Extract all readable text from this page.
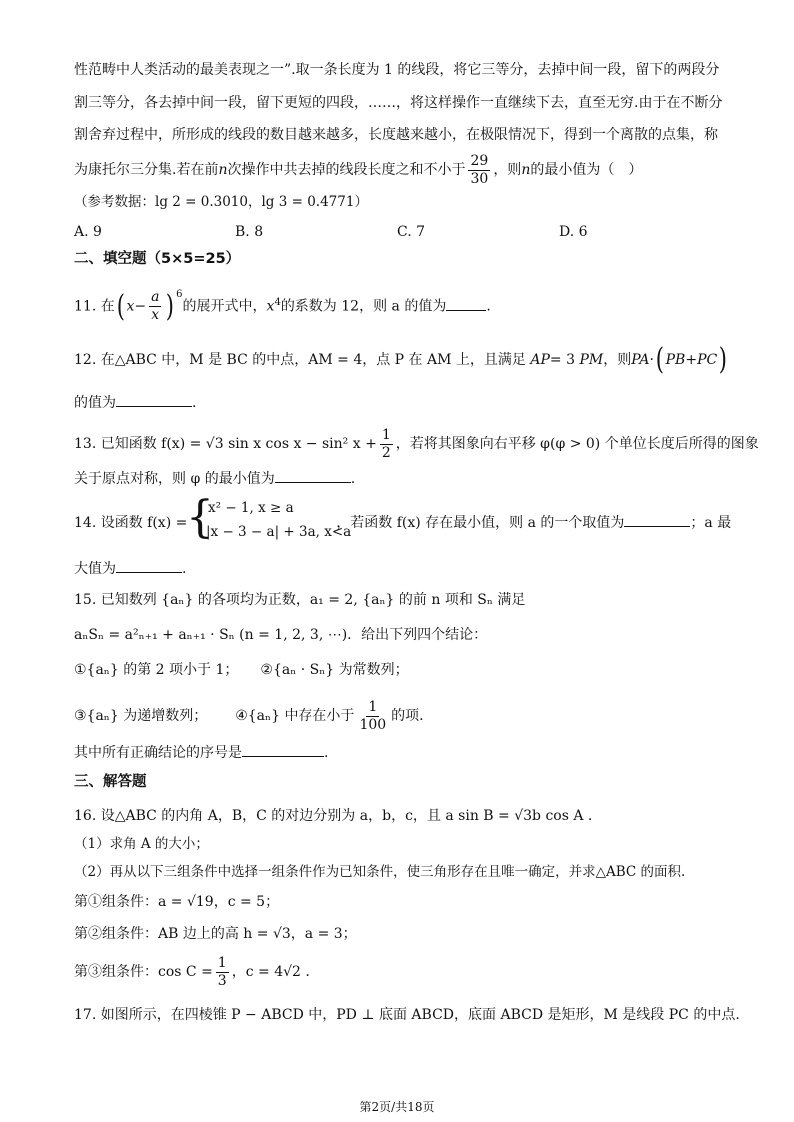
性范畴中人类活动的最美表现之一”.取一条长度为 1 的线段，将它三等分，去掉中间一段，留下的两段分
割三等分，各去掉中间一段，留下更短的四段，……，将这样操作一直继续下去，直至无穷.由于在不断分
割舍弃过程中，所形成的线段的数目越来越多，长度越来越小，在极限情况下，得到一个离散的点集，称
为康托尔三分集.若在前n次操作中共去掉的线段长度之和不小于 $\frac{29}{30}$ ，则n的最小值为（　）
（参考数据：lg 2 = 0.3010，lg 3 = 0.4771）
A. 9	B. 8	C. 7	D. 6
二、填空题（5×5=25）
11. 在( $x- \frac{a}{x}$ ) $^6$的展开式中，$x^4$的系数为 12，则 a 的值为	.
12. 在△ABC 中，M 是 BC 的中点，AM = 4，点 P 在 AM 上，且满足 AP= 3 PM，则PA·( PB+PC)
的值为	.
13. 已知函数 f(x) = √3 sin x cos x − sin² $x + \frac{1}{2}$ ，若将其图象向右平移 φ(φ > 0) 个单位长度后所得的图象
关于原点对称，则 φ 的最小值为	.
14. 设函数 f(x) =	，若函数 f(x) 存在最小值，则 a 的一个取值为	；a 最
{
x² − 1, x ≥ a
|x − 3 − a| + 3a, x<a
大值为	.
15. 已知数列 {aₙ} 的各项均为正数，a₁ = 2, {aₙ} 的前 n 项和 Sₙ 满足
aₙSₙ = a²ₙ₊₁ + aₙ₊₁ · Sₙ (n = 1, 2, 3, ⋯)．给出下列四个结论：
①{aₙ} 的第 2 项小于 1； ②{aₙ · Sₙ} 为常数列；
③{aₙ} 为递增数列； ④{aₙ} 中存在小于 $\frac{1}{100}$ 的项.
其中所有正确结论的序号是	.
三、解答题
16. 设△ABC 的内角 A，B，C 的对边分别为 a，b，c，且 a sin B = √3b cos A .
（1）求角 A 的大小；
（2）再从以下三组条件中选择一组条件作为已知条件，使三角形存在且唯一确定，并求△ABC 的面积.
第①组条件：a = √19，c = 5；
第②组条件：AB 边上的高 h = √3，a = 3；
第③组条件：$\cos C = \frac{1}{3}$ ，c = 4√2 .
17. 如图所示，在四棱锥 P − ABCD 中，PD ⊥ 底面 ABCD，底面 ABCD 是矩形，M 是线段 PC 的中点.
第2页/共18页
